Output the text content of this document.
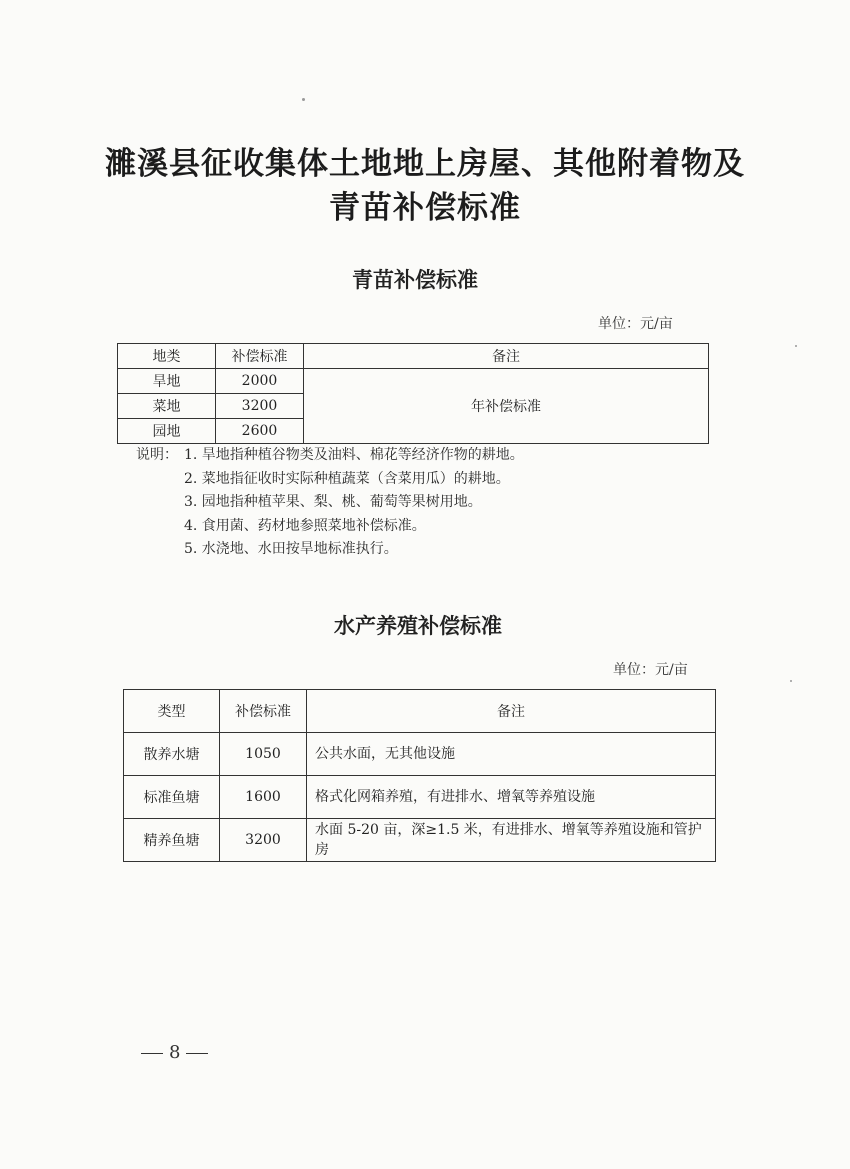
濉溪县征收集体土地地上房屋、其他附着物及
青苗补偿标准
青苗补偿标准
单位：元/亩
地类	补偿标准	备注
旱地	2000	年补偿标准
菜地	3200	
园地	2600	
说明： 1. 旱地指种植谷物类及油料、棉花等经济作物的耕地。
2. 菜地指征收时实际种植蔬菜（含菜用瓜）的耕地。
3. 园地指种植苹果、梨、桃、葡萄等果树用地。
4. 食用菌、药材地参照菜地补偿标准。
5. 水浇地、水田按旱地标准执行。
水产养殖补偿标准
单位：元/亩
类型	补偿标准	备注
散养水塘	1050	公共水面，无其他设施
标准鱼塘	1600	格式化网箱养殖，有进排水、增氧等养殖设施
精养鱼塘	3200	水面 5-20 亩，深≥1.5 米，有进排水、增氧等养殖设施和管护房
8
